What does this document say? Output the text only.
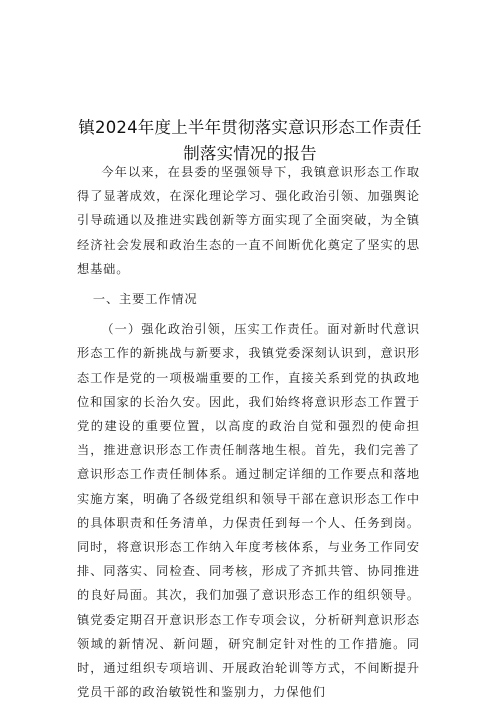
镇2024年度上半年贯彻落实意识形态工作责任
制落实情况的报告

今年以来，在县委的坚强领导下，我镇意识形态工作取得了显著成效，在深化理论学习、强化政治引领、加强舆论引导疏通以及推进实践创新等方面实现了全面突破，为全镇经济社会发展和政治生态的一直不间断优化奠定了坚实的思想基础。

一、主要工作情况

（一）强化政治引领，压实工作责任。面对新时代意识形态工作的新挑战与新要求，我镇党委深刻认识到，意识形态工作是党的一项极端重要的工作，直接关系到党的执政地位和国家的长治久安。因此，我们始终将意识形态工作置于党的建设的重要位置，以高度的政治自觉和强烈的使命担当，推进意识形态工作责任制落地生根。首先，我们完善了意识形态工作责任制体系。通过制定详细的工作要点和落地实施方案，明确了各级党组织和领导干部在意识形态工作中的具体职责和任务清单，力保责任到每一个人、任务到岗。同时，将意识形态工作纳入年度考核体系，与业务工作同安排、同落实、同检查、同考核，形成了齐抓共管、协同推进的良好局面。其次，我们加强了意识形态工作的组织领导。镇党委定期召开意识形态工作专项会议，分析研判意识形态领域的新情况、新问题，研究制定针对性的工作措施。同时，通过组织专项培训、开展政治轮训等方式，不间断提升党员干部的政治敏锐性和鉴别力，力保他们
